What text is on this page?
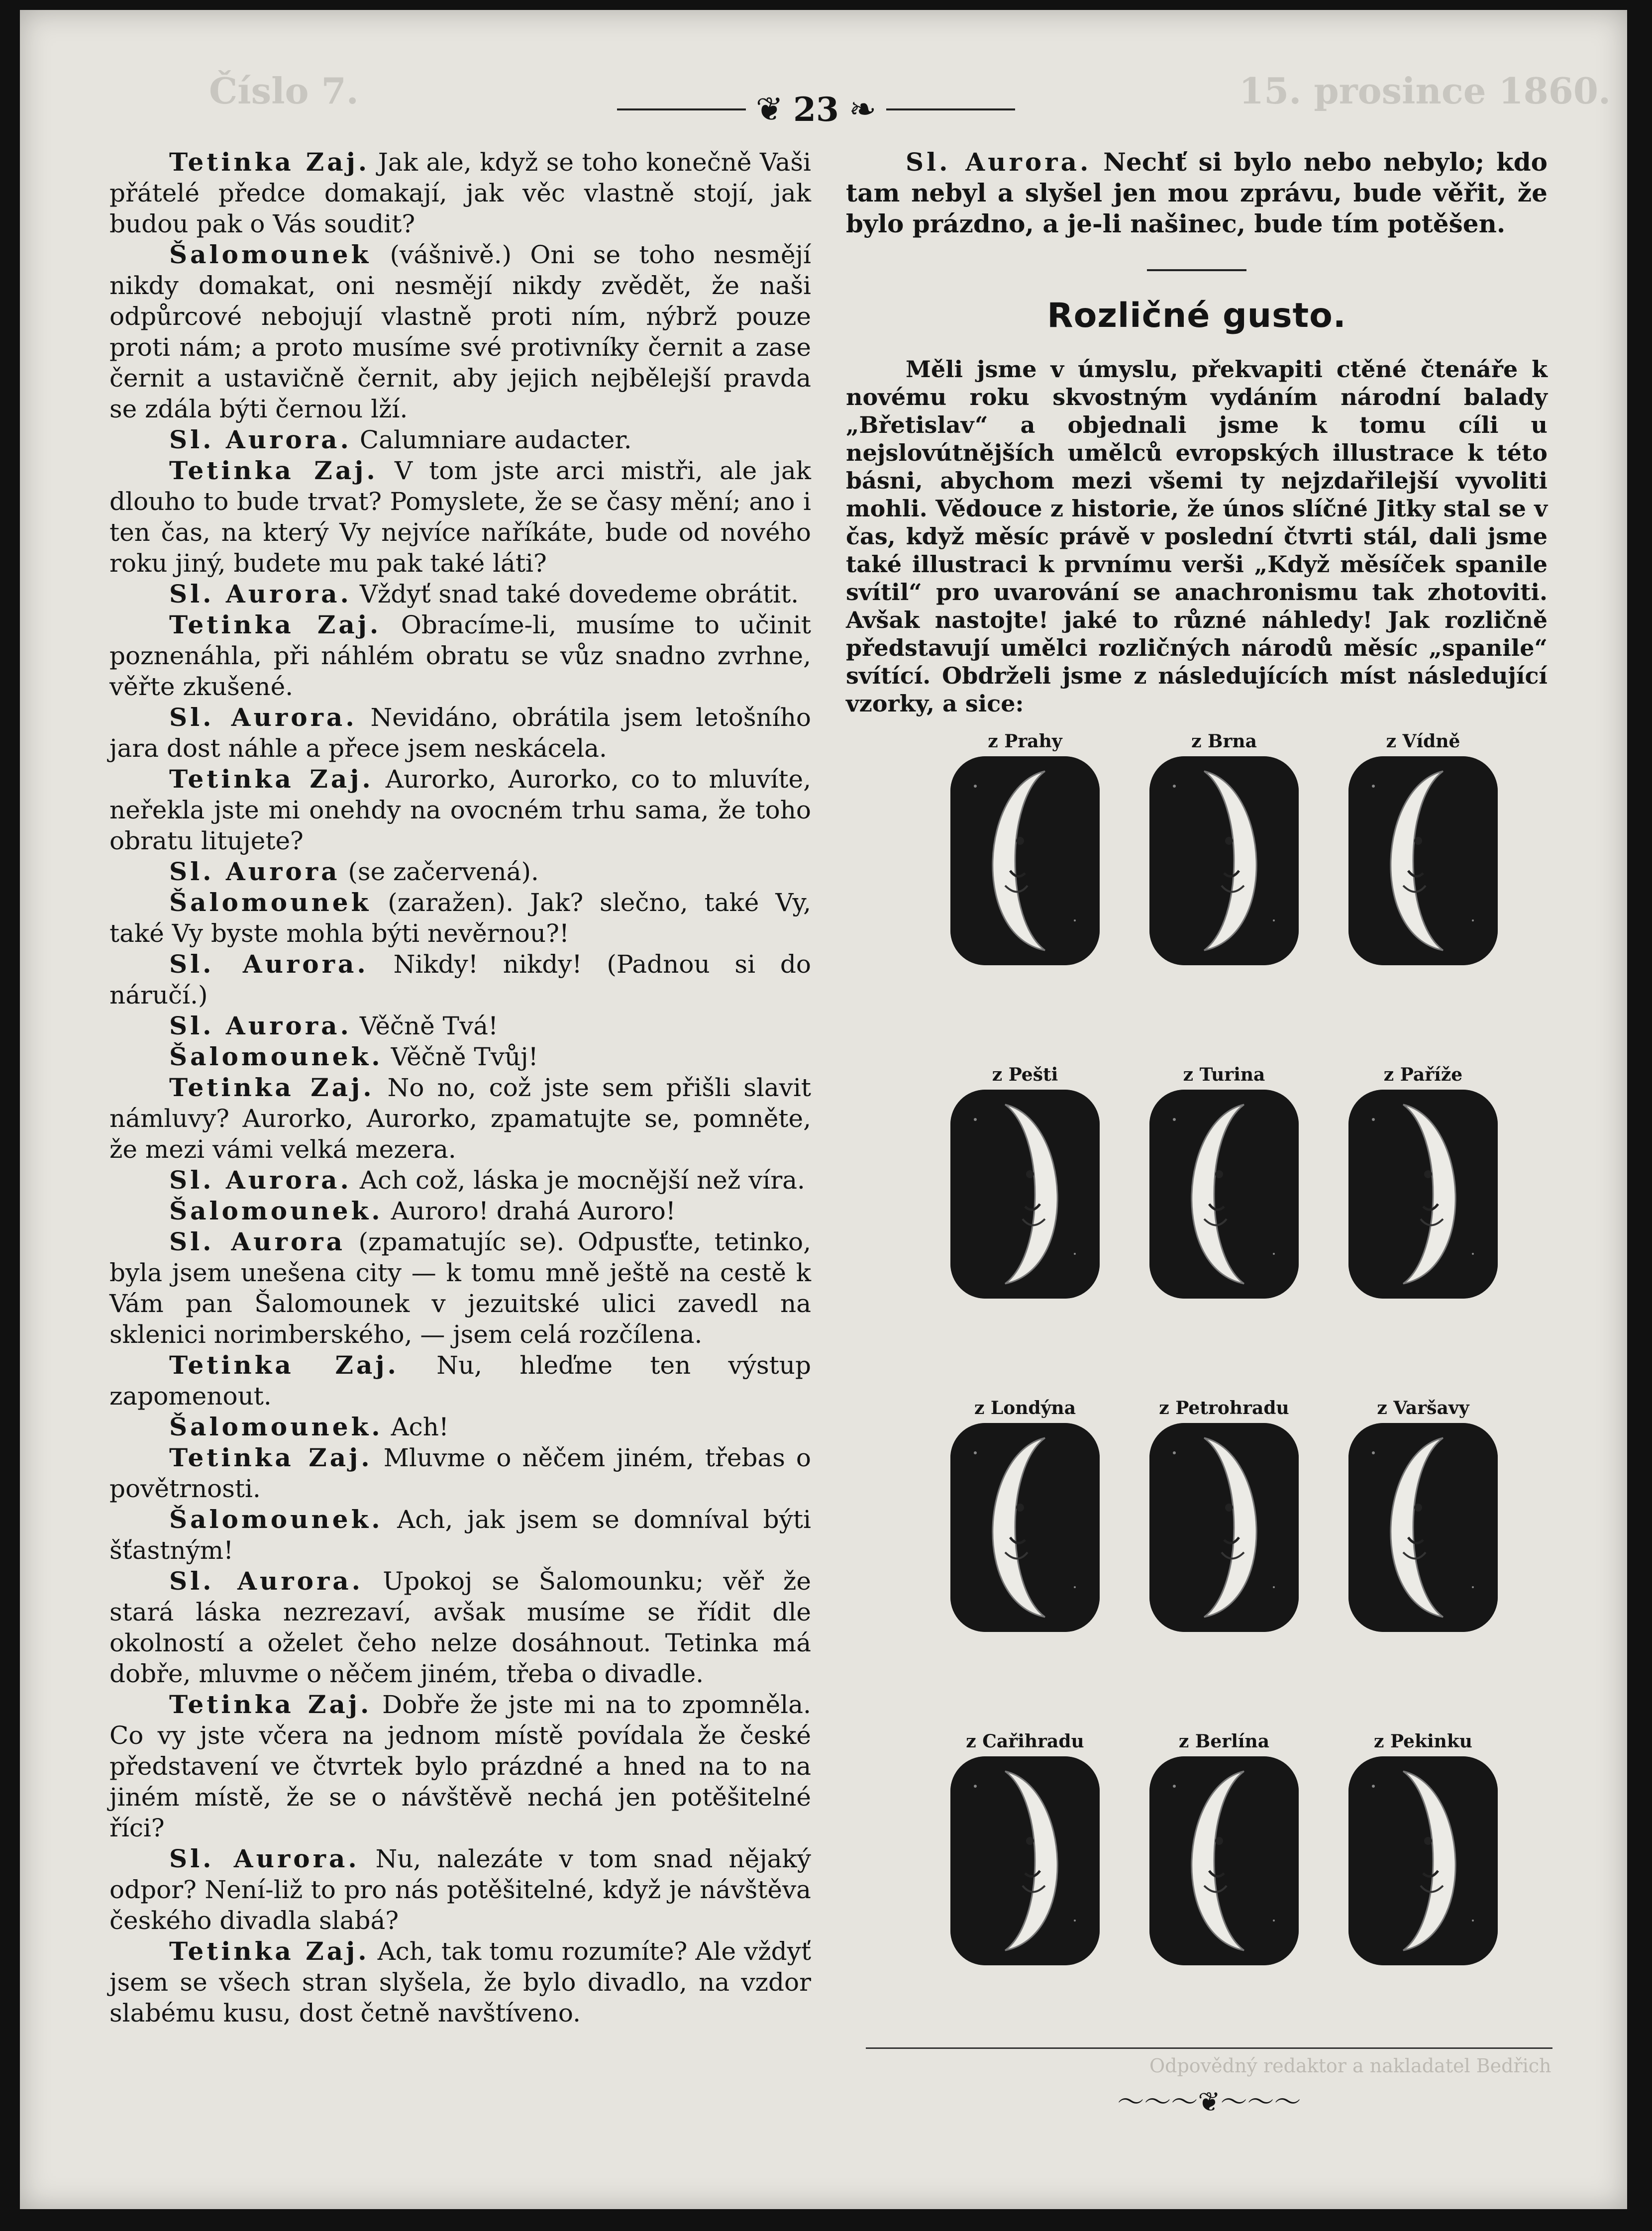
Číslo 7.	15. prosince 1860.
❦ 23 ❧

Tetinka Zaj. Jak ale, když se toho konečně Vaši přátelé předce domakají, jak věc vlastně stojí, jak budou pak o Vás soudit?

Šalomounek (vášnivě.) Oni se toho nesmějí nikdy domakat, oni nesmějí nikdy zvědět, že naši odpůrcové nebojují vlastně proti ním, nýbrž pouze proti nám; a proto musíme své protivníky černit a zase černit a ustavičně černit, aby jejich nejbělejší pravda se zdála býti černou lží.

Sl. Aurora. Calumniare audacter.

Tetinka Zaj. V tom jste arci mistři, ale jak dlouho to bude trvat? Pomyslete, že se časy mění; ano i ten čas, na který Vy nejvíce naříkáte, bude od nového roku jiný, budete mu pak také láti?

Sl. Aurora. Vždyť snad také dovedeme obrátit.

Tetinka Zaj. Obracíme-li, musíme to učinit poznenáhla, při náhlém obratu se vůz snadno zvrhne, věřte zkušené.

Sl. Aurora. Nevidáno, obrátila jsem letošního jara dost náhle a přece jsem neskácela.

Tetinka Zaj. Aurorko, Aurorko, co to mluvíte, neřekla jste mi onehdy na ovocném trhu sama, že toho obratu litujete?

Sl. Aurora (se začervená).

Šalomounek (zaražen). Jak? slečno, také Vy, také Vy byste mohla býti nevěrnou?!

Sl. Aurora. Nikdy! nikdy! (Padnou si do náručí.)

Sl. Aurora. Věčně Tvá!

Šalomounek. Věčně Tvůj!

Tetinka Zaj. No no, což jste sem přišli slavit námluvy? Aurorko, Aurorko, zpamatujte se, pomněte, že mezi vámi velká mezera.

Sl. Aurora. Ach což, láska je mocnější než víra.

Šalomounek. Auroro! drahá Auroro!

Sl. Aurora (zpamatujíc se). Odpusťte, tetinko, byla jsem unešena city — k tomu mně ještě na cestě k Vám pan Šalomounek v jezuitské ulici zavedl na sklenici norimberského, — jsem celá rozčílena.

Tetinka Zaj. Nu, hleďme ten výstup zapomenout.

Šalomounek. Ach!

Tetinka Zaj. Mluvme o něčem jiném, třebas o povětrnosti.

Šalomounek. Ach, jak jsem se domníval býti šťastným!

Sl. Aurora. Upokoj se Šalomounku; věř že stará láska nezrezaví, avšak musíme se řídit dle okolností a oželet čeho nelze dosáhnout. Tetinka má dobře, mluvme o něčem jiném, třeba o divadle.

Tetinka Zaj. Dobře že jste mi na to zpomněla. Co vy jste včera na jednom místě povídala že české představení ve čtvrtek bylo prázdné a hned na to na jiném místě, že se o návštěvě nechá jen potěšitelné říci?

Sl. Aurora. Nu, nalezáte v tom snad nějaký odpor? Není-liž to pro nás potěšitelné, když je návštěva českého divadla slabá?

Tetinka Zaj. Ach, tak tomu rozumíte? Ale vždyť jsem se všech stran slyšela, že bylo divadlo, na vzdor slabému kusu, dost četně navštíveno.

Sl. Aurora. Nechť si bylo nebo nebylo; kdo tam nebyl a slyšel jen mou zprávu, bude věřit, že bylo prázdno, a je-li našinec, bude tím potěšen.

Rozličné gusto.

Měli jsme v úmyslu, překvapiti ctěné čtenáře k novému roku skvostným vydáním národní balady „Břetislav“ a objednali jsme k tomu cíli u nejslovútnějších umělců evropských illustrace k této básni, abychom mezi všemi ty nejzdařilejší vyvoliti mohli. Vědouce z historie, že únos slíčné Jitky stal se v čas, když měsíc právě v poslední čtvrti stál, dali jsme také illustraci k prvnímu verši „Když měsíček spanile svítil“ pro uvarování se anachronismu tak zhotoviti. Avšak nastojte! jaké to různé náhledy! Jak rozličně představují umělci rozličných národů měsíc „spanile“ svítící. Obdrželi jsme z následujících míst následující vzorky, a sice:

z Prahy	z Brna	z Vídně
z Pešti	z Turina	z Paříže
z Londýna	z Petrohradu	z Varšavy
z Cařihradu	z Berlína	z Pekinku
Odpovědný redaktor a nakladatel Bedřich
〜〜〜❦〜〜〜
